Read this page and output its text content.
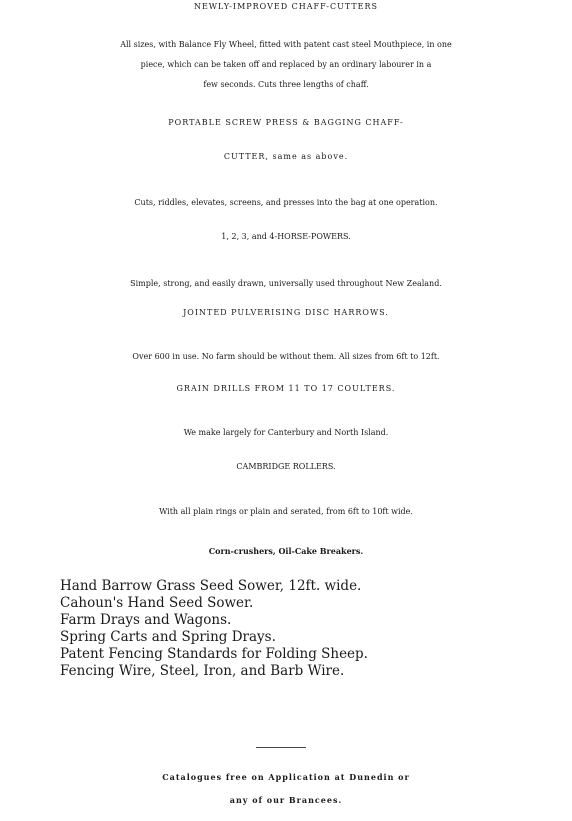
NEWLY-IMPROVED CHAFF-CUTTERS
All sizes, with Balance Fly Wheel, fitted with patent cast steel Mouthpiece, in one
piece, which can be taken off and replaced by an ordinary labourer in a
few seconds. Cuts three lengths of chaff.
PORTABLE SCREW PRESS & BAGGING CHAFF-
CUTTER, same as above.
Cuts, riddles, elevates, screens, and presses into the bag at one operation.
1, 2, 3, and 4-HORSE-POWERS.
Simple, strong, and easily drawn, universally used throughout New Zealand.
JOINTED PULVERISING DISC HARROWS.
Over 600 in use. No farm should be without them. All sizes from 6ft to 12ft.
GRAIN DRILLS FROM 11 TO 17 COULTERS.
We make largely for Canterbury and North Island.
CAMBRIDGE ROLLERS.
With all plain rings or plain and serated, from 6ft to 10ft wide.
Corn-crushers, Oil-Cake Breakers.
Hand Barrow Grass Seed Sower, 12ft. wide.
Cahoun's Hand Seed Sower.
Farm Drays and Wagons.
Spring Carts and Spring Drays.
Patent Fencing Standards for Folding Sheep.
Fencing Wire, Steel, Iron, and Barb Wire.
Catalogues free on Application at Dunedin or
any of our Brancees.
